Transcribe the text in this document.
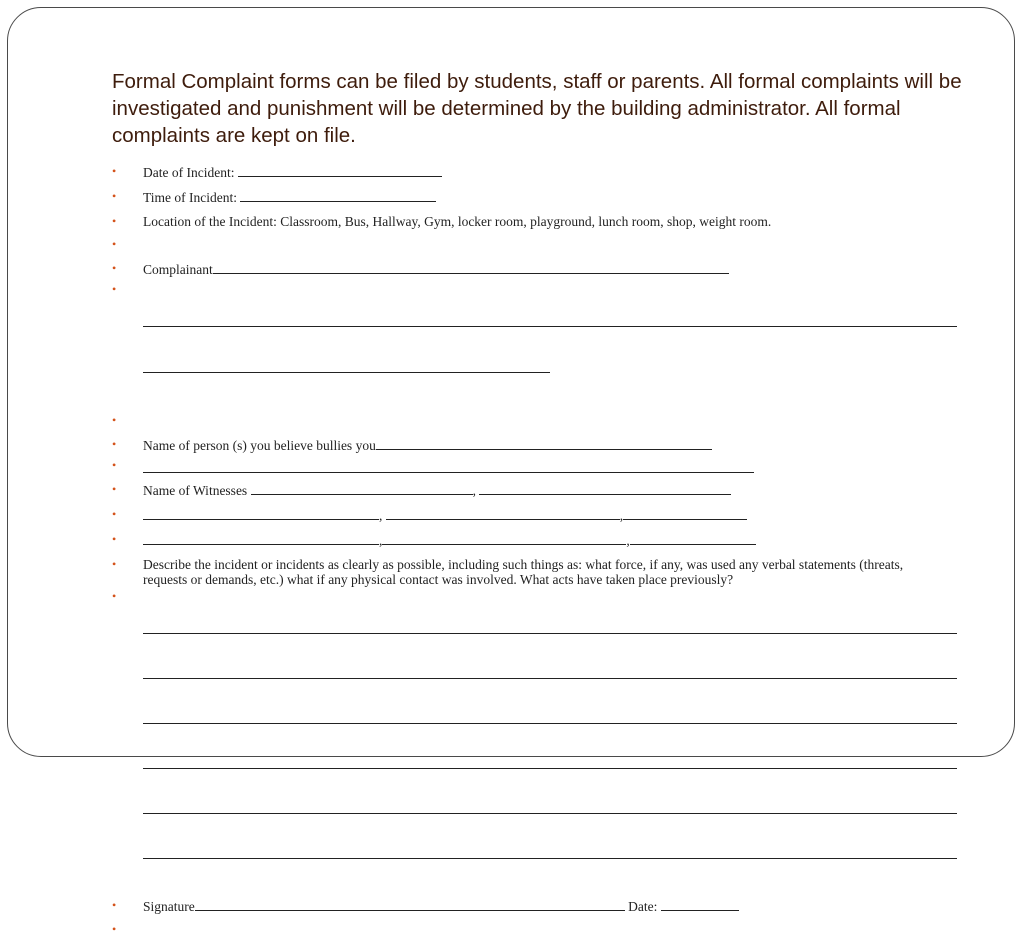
Formal Complaint forms can be filed by students, staff or parents. All formal complaints will be investigated and punishment will be determined by the building administrator. All formal complaints are kept on file.

•	Date of Incident:
•	Time of Incident:
•	Location of the Incident: Classroom, Bus, Hallway, Gym, locker room, playground, lunch room, shop, weight room.
•
•	Complainant
•

•
•	Name of person (s) you believe bullies you
•
•	Name of Witnesses	,
•	,	,
•	,	,
•	Describe the incident or incidents as clearly as possible, including such things as: what force, if any, was used any verbal statements (threats, requests or demands, etc.) what if any physical contact was involved. What acts have taken place previously?
•

•	Signature	Date:
•
